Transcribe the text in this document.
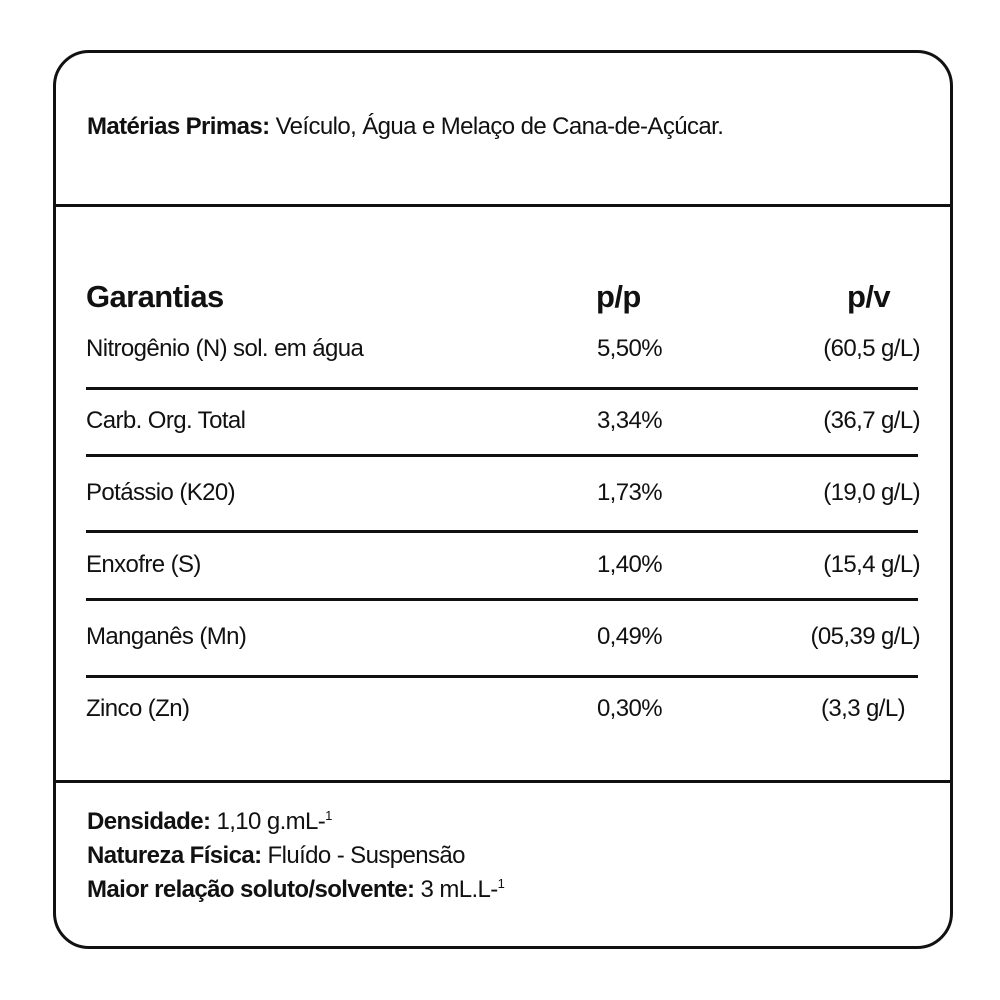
Matérias Primas: Veículo, Água e Melaço de Cana-de-Açúcar.
Garantias	p/p	p/v
Nitrogênio (N) sol. em água	5,50%	(60,5 g/L)
Carb. Org. Total	3,34%	(36,7 g/L)
Potássio (K20)	1,73%	(19,0 g/L)
Enxofre (S)	1,40%	(15,4 g/L)
Manganês (Mn)	0,49%	(05,39 g/L)
Zinco (Zn)	0,30%	(3,3 g/L)
Densidade: 1,10 g.mL-$^1$
Natureza Física: Fluído - Suspensão
Maior relação soluto/solvente: 3 mL.L-$^1$
